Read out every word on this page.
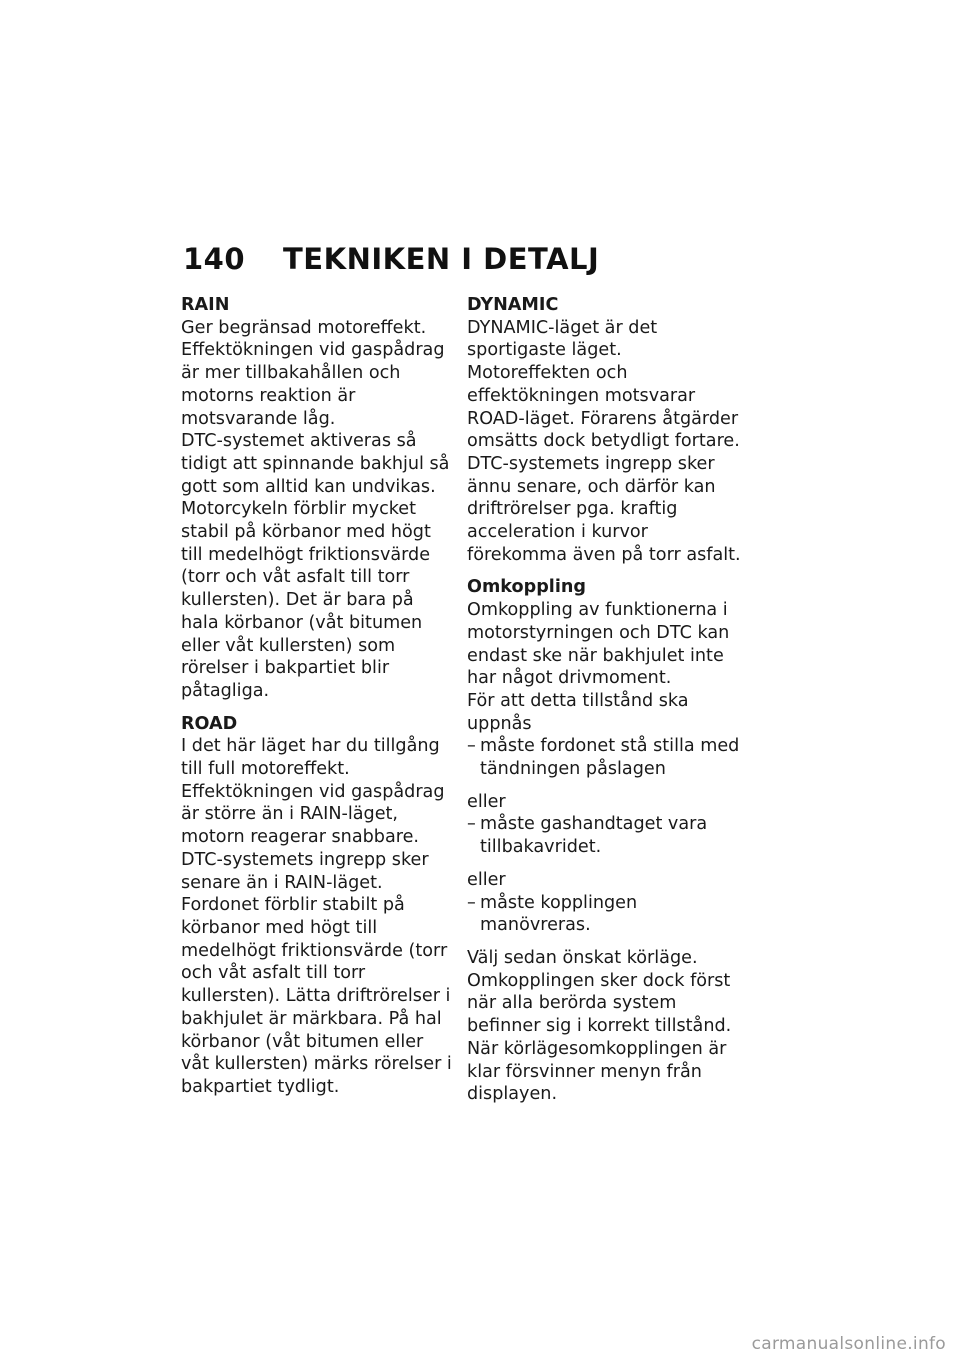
140	TEKNIKEN I DETALJ
RAIN
Ger begränsad motoreffekt. Effektökningen vid gaspådrag är mer tillbakahållen och motorns reaktion är motsvarande låg.
DTC-systemet aktiveras så tidigt att spinnande bakhjul så gott som alltid kan undvikas.
Motorcykeln förblir mycket stabil på körbanor med högt till medelhögt friktionsvärde (torr och våt asfalt till torr kullersten). Det är bara på hala körbanor (våt bitumen eller våt kullersten) som rörelser i bakpartiet blir påtagliga.
ROAD
I det här läget har du tillgång till full motoreffekt. Effektökningen vid gaspådrag är större än i RAIN-läget, motorn reagerar snabbare.
DTC-systemets ingrepp sker senare än i RAIN-läget. Fordonet förblir stabilt på körbanor med högt till medelhögt friktionsvärde (torr och våt asfalt till torr kullersten). Lätta driftrörelser i bakhjulet är märkbara. På hal körbanor (våt bitumen eller våt kullersten) märks rörelser i bakpartiet tydligt.
DYNAMIC
DYNAMIC-läget är det sportigaste läget.
Motoreffekten och effektökningen motsvarar ROAD-läget. Förarens åtgärder omsätts dock betydligt fortare.
DTC-systemets ingrepp sker ännu senare, och därför kan driftrörelser pga. kraftig acceleration i kurvor förekomma även på torr asfalt.
Omkoppling
Omkoppling av funktionerna i motorstyrningen och DTC kan endast ske när bakhjulet inte har något drivmoment.
För att detta tillstånd ska uppnås
– måste fordonet stå stilla med tändningen påslagen
eller
– måste gashandtaget vara tillbakavridet.
eller
– måste kopplingen manövreras.
Välj sedan önskat körläge. Omkopplingen sker dock först när alla berörda system befinner sig i korrekt tillstånd.
När körlägesomkopplingen är klar försvinner menyn från displayen.
carmanualsonline.info
